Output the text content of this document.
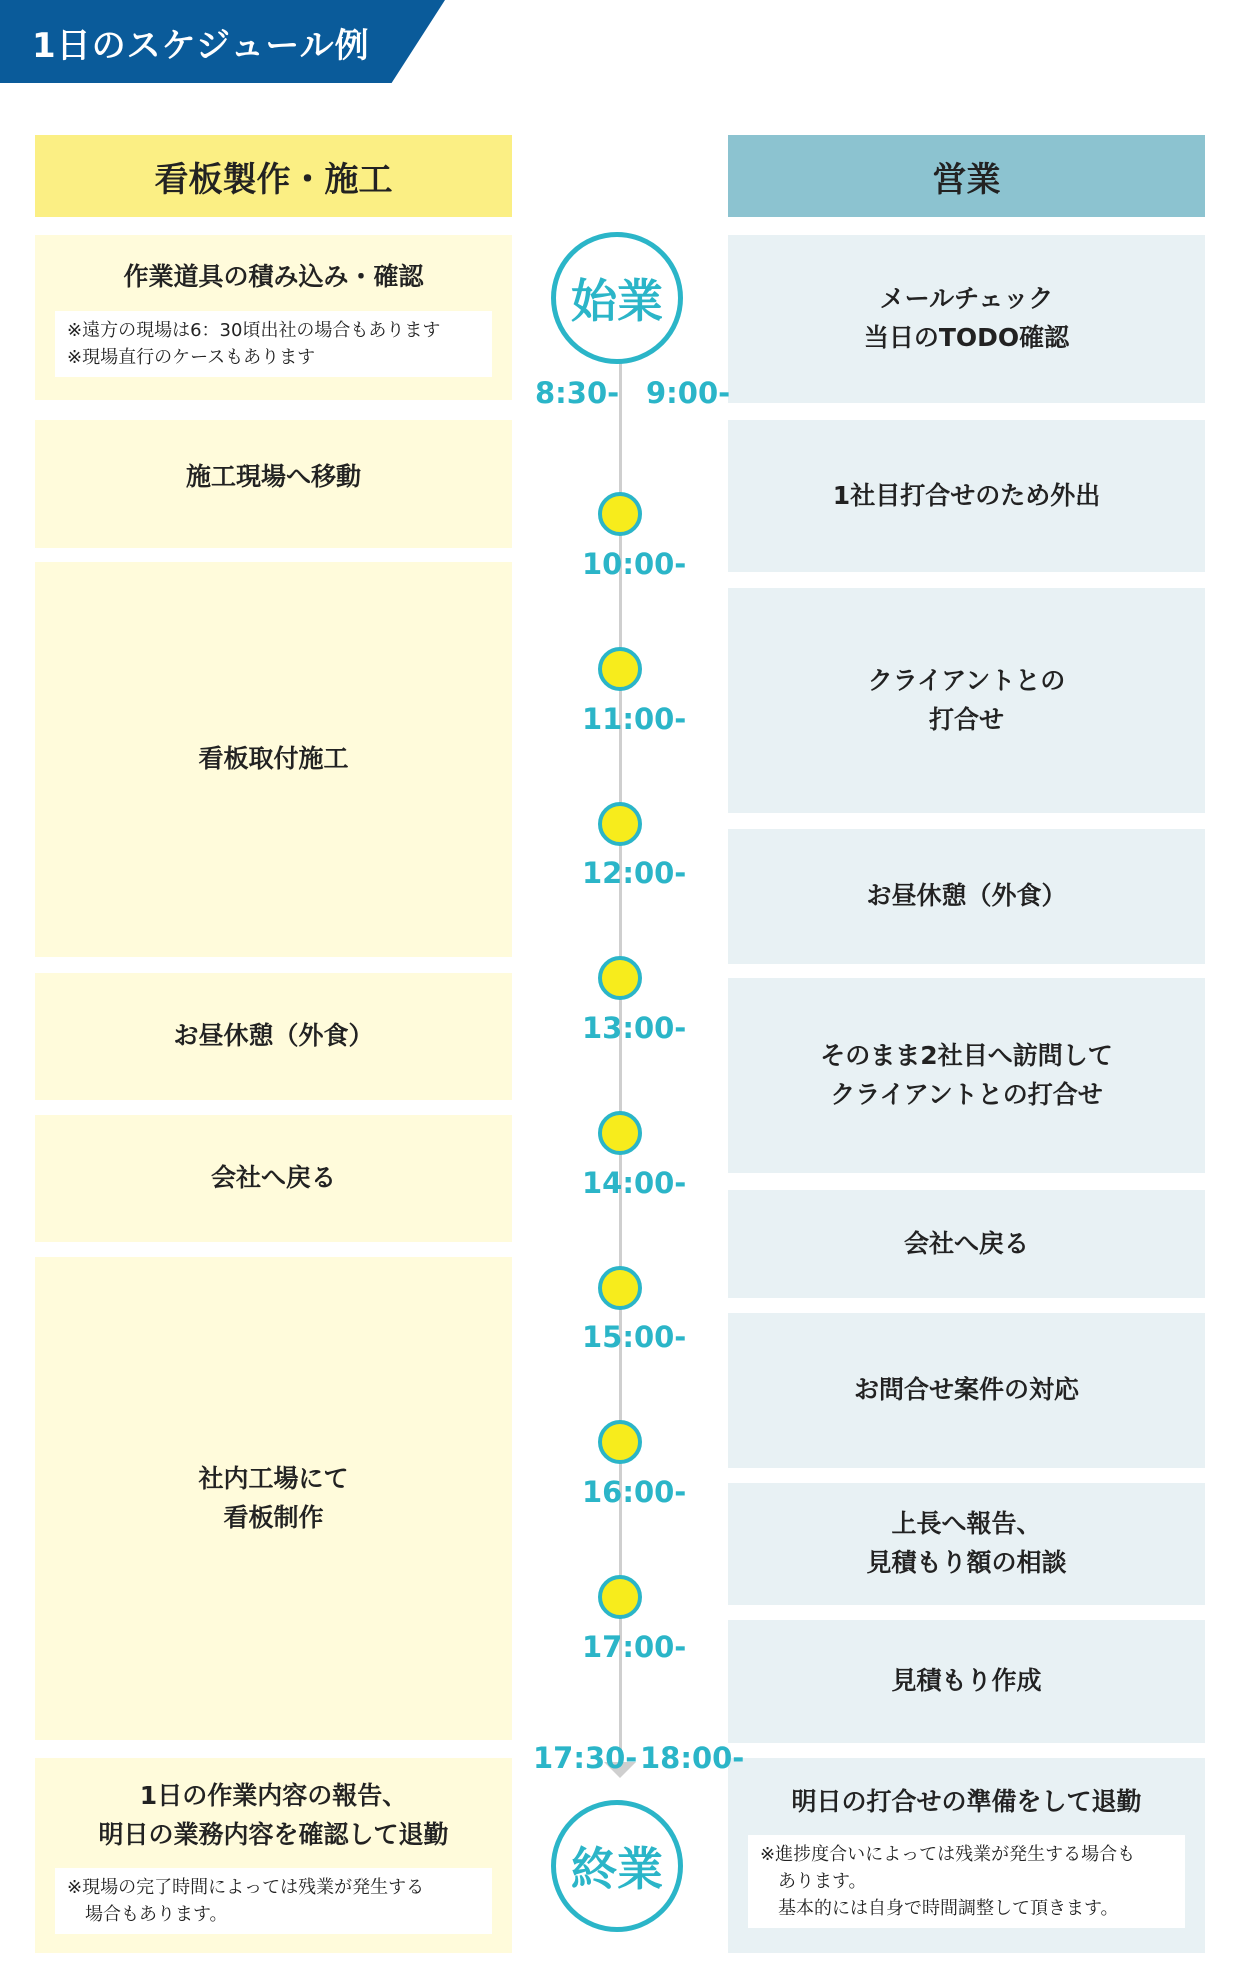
1日のスケジュール例
看板製作・施工	営業
作業道具の積み込み・確認
※遠方の現場は6：30頃出社の場合もあります
※現場直行のケースもあります
施工現場へ移動
看板取付施工
お昼休憩（外食）
会社へ戻る
社内工場にて
看板制作
1日の作業内容の報告、
明日の業務内容を確認して退勤
※現場の完了時間によっては残業が発生する
　場合もあります。
メールチェック
当日のTODO確認
1社目打合せのため外出
クライアントとの
打合せ
お昼休憩（外食）
そのまま2社目へ訪問して
クライアントとの打合せ
会社へ戻る
お問合せ案件の対応
上長へ報告、
見積もり額の相談
見積もり作成
明日の打合せの準備をして退勤
※進捗度合いによっては残業が発生する場合も
　あります。
　基本的には自身で時間調整して頂きます。
始業
8:30- 9:00-
10:00-
11:00-
12:00-
13:00-
14:00-
15:00-
16:00-
17:00-
17:30- 18:00-
終業
